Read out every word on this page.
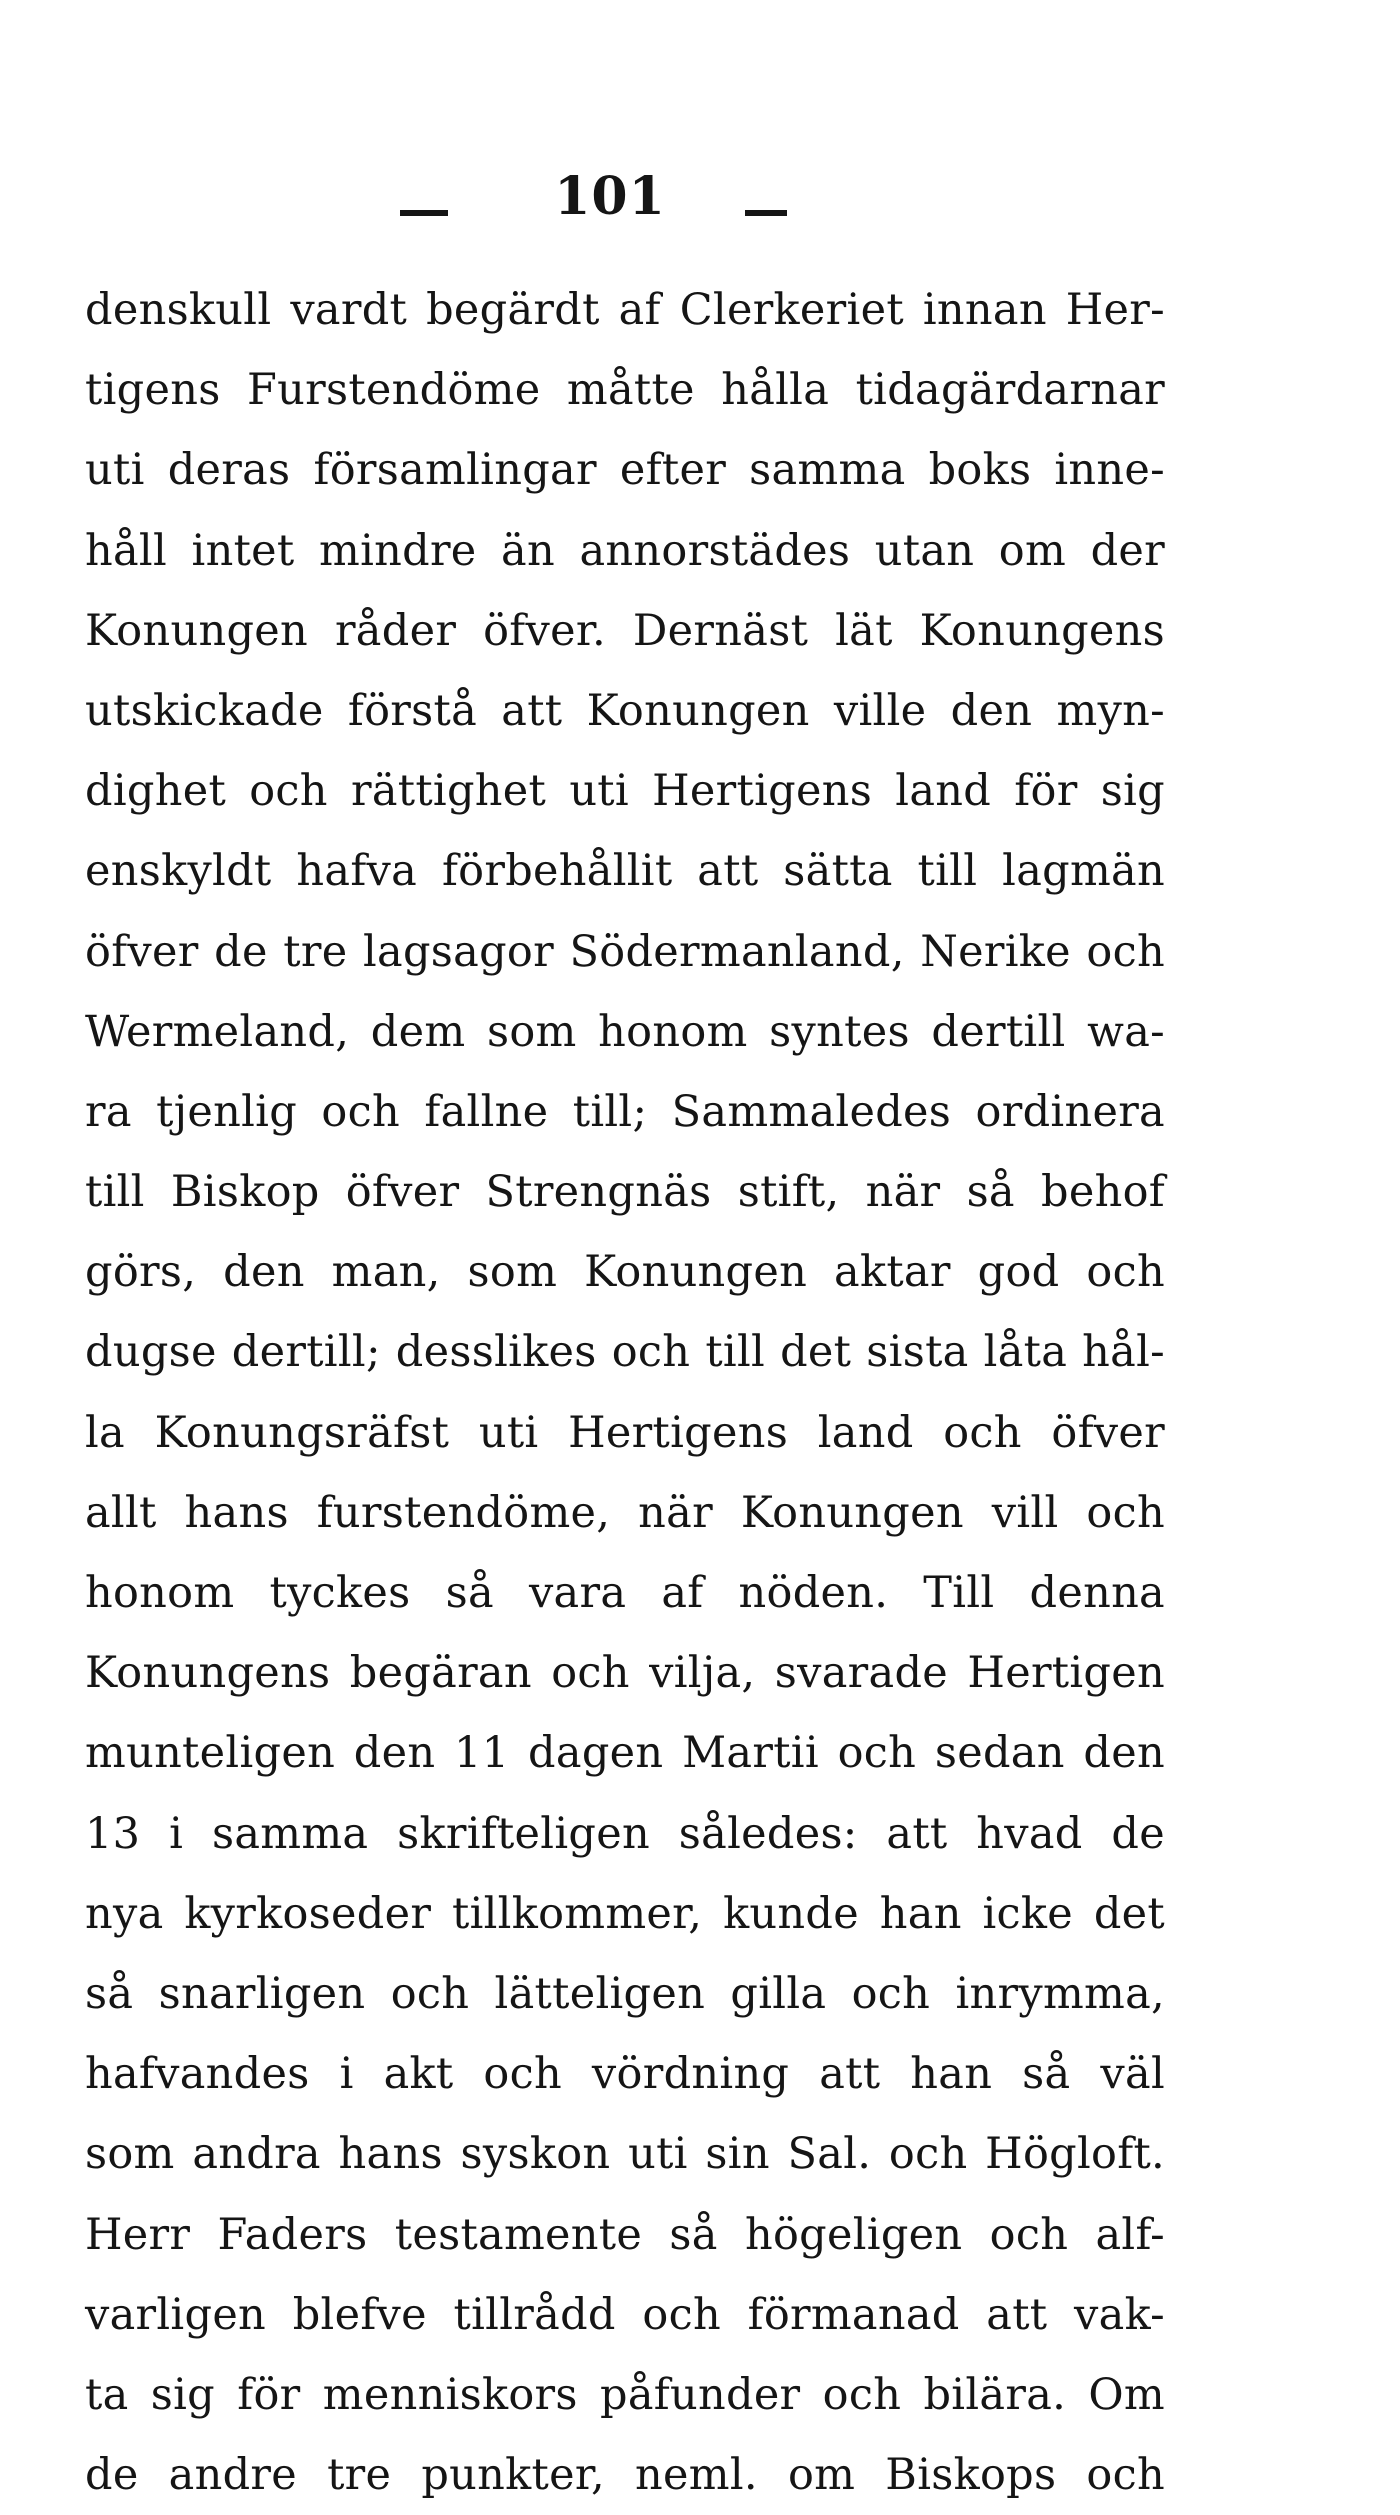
101
denskull vardt begärdt af Clerkeriet innan Her-
tigens Furstendöme måtte hålla tidagärdarnar
uti deras församlingar efter samma boks inne-
håll intet mindre än annorstädes utan om der
Konungen råder öfver. Dernäst lät Konungens
utskickade förstå att Konungen ville den myn-
dighet och rättighet uti Hertigens land för sig
enskyldt hafva förbehållit att sätta till lagmän
öfver de tre lagsagor Södermanland, Nerike och
Wermeland, dem som honom syntes dertill wa-
ra tjenlig och fallne till; Sammaledes ordinera
till Biskop öfver Strengnäs stift, när så behof
görs, den man, som Konungen aktar god och
dugse dertill; desslikes och till det sista låta hål-
la Konungsräfst uti Hertigens land och öfver
allt hans furstendöme, när Konungen vill och
honom tyckes så vara af nöden. Till denna
Konungens begäran och vilja, svarade Hertigen
munteligen den 11 dagen Martii och sedan den
13 i samma skrifteligen således: att hvad de
nya kyrkoseder tillkommer, kunde han icke det
så snarligen och lätteligen gilla och inrymma,
hafvandes i akt och vördning att han så väl
som andra hans syskon uti sin Sal. och Högloft.
Herr Faders testamente så högeligen och alf-
varligen blefve tillrådd och förmanad att vak-
ta sig för menniskors påfunder och bilära. Om
de andre tre punkter, neml. om Biskops och
